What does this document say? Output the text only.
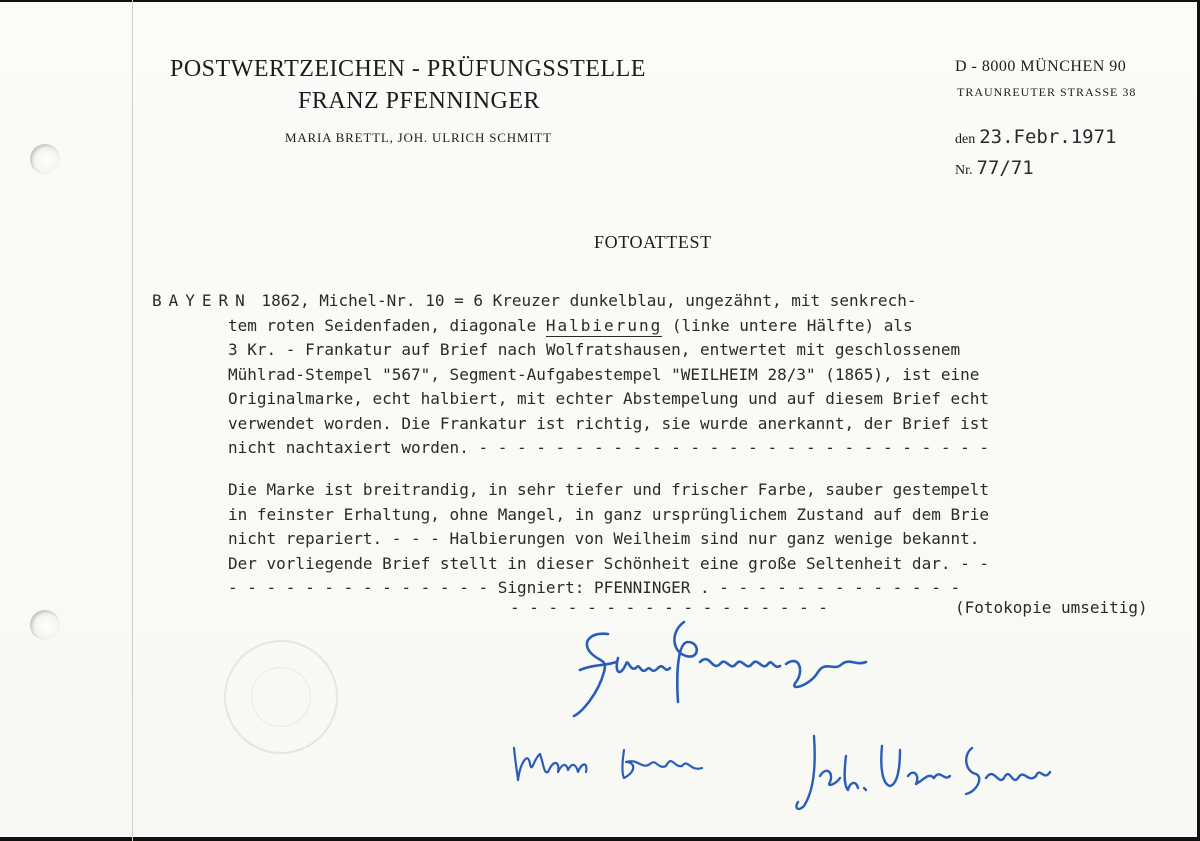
POSTWERTZEICHEN - PRÜFUNGSSTELLE
FRANZ PFENNINGER
MARIA BRETTL, JOH. ULRICH SCHMITT
D - 8000 MÜNCHEN 90
TRAUNREUTER STRASSE 38
den 23.Febr.1971
Nr. 77/71
FOTOATTEST
BAYERN 1862, Michel-Nr. 10 = 6 Kreuzer dunkelblau, ungezähnt, mit senkrech-
tem roten Seidenfaden, diagonale Halbierung (linke untere Hälfte) als
3 Kr. - Frankatur auf Brief nach Wolfratshausen, entwertet mit geschlossenem
Mühlrad-Stempel "567", Segment-Aufgabestempel "WEILHEIM 28/3" (1865), ist eine
Originalmarke, echt halbiert, mit echter Abstempelung und auf diesem Brief echt
verwendet worden. Die Frankatur ist richtig, sie wurde anerkannt, der Brief ist
nicht nachtaxiert worden. - - - - - - - - - - - - - - - - - - - - - - - - - - -
Die Marke ist breitrandig, in sehr tiefer und frischer Farbe, sauber gestempelt
in feinster Erhaltung, ohne Mangel, in ganz ursprünglichem Zustand auf dem Brie
nicht repariert. - - - Halbierungen von Weilheim sind nur ganz wenige bekannt.
Der vorliegende Brief stellt in dieser Schönheit eine große Seltenheit dar. - -
- - - - - - - - - - - - - - Signiert: PFENNINGER . - - - - - - - - - - - - -
- - - - - - - - - - - - - - - - -	(Fotokopie umseitig)
